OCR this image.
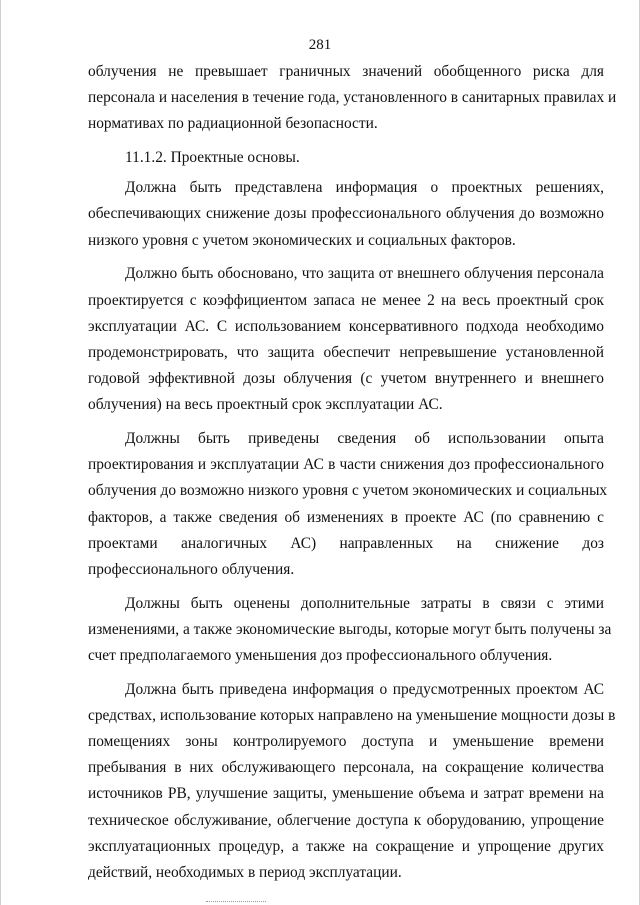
281
облучения не превышает граничных значений обобщенного риска для
персонала и населения в течение года, установленного в санитарных правилах и
нормативах по радиационной безопасности.
11.1.2. Проектные основы.
Должна быть представлена информация о проектных решениях,
обеспечивающих снижение дозы профессионального облучения до возможно
низкого уровня с учетом экономических и социальных факторов.
Должно быть обосновано, что защита от внешнего облучения персонала
проектируется с коэффициентом запаса не менее 2 на весь проектный срок
эксплуатации АС. С использованием консервативного подхода необходимо
продемонстрировать, что защита обеспечит непревышение установленной
годовой эффективной дозы облучения (с учетом внутреннего и внешнего
облучения) на весь проектный срок эксплуатации АС.
Должны быть приведены сведения об использовании опыта
проектирования и эксплуатации АС в части снижения доз профессионального
облучения до возможно низкого уровня с учетом экономических и социальных
факторов, а также сведения об изменениях в проекте АС (по сравнению с
проектами аналогичных АС) направленных на снижение доз
профессионального облучения.
Должны быть оценены дополнительные затраты в связи с этими
изменениями, а также экономические выгоды, которые могут быть получены за
счет предполагаемого уменьшения доз профессионального облучения.
Должна быть приведена информация о предусмотренных проектом АС
средствах, использование которых направлено на уменьшение мощности дозы в
помещениях зоны контролируемого доступа и уменьшение времени
пребывания в них обслуживающего персонала, на сокращение количества
источников РВ, улучшение защиты, уменьшение объема и затрат времени на
техническое обслуживание, облегчение доступа к оборудованию, упрощение
эксплуатационных процедур, а также на сокращение и упрощение других
действий, необходимых в период эксплуатации.
